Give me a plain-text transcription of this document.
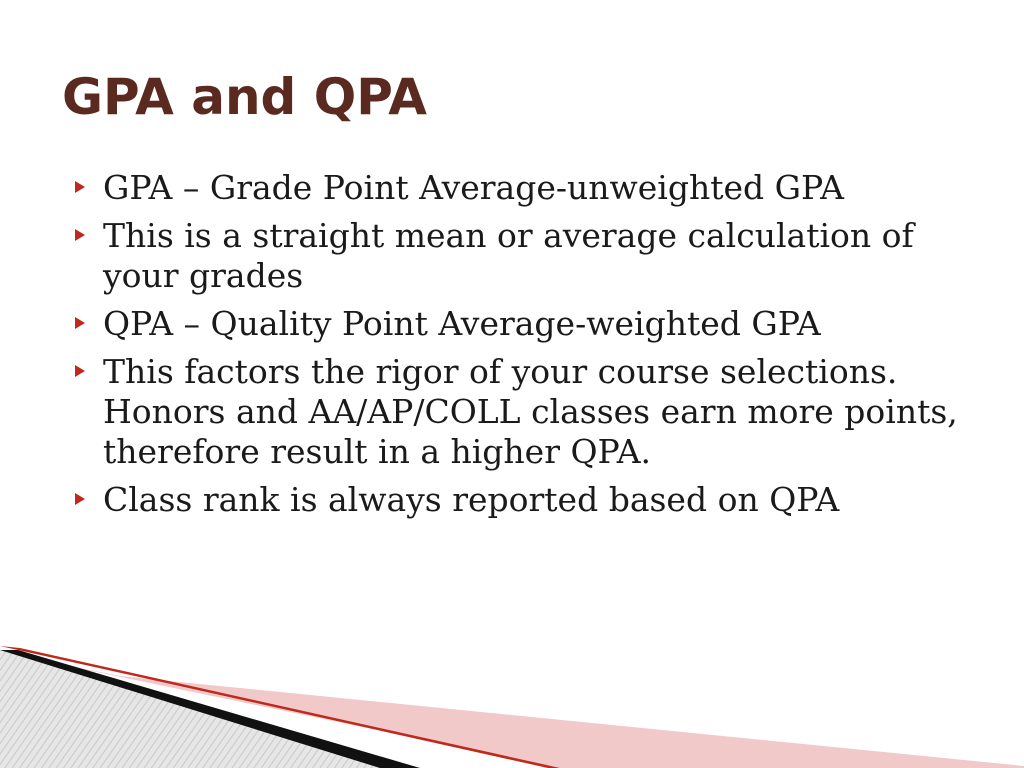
GPA and QPA
GPA – Grade Point Average-unweighted GPA
This is a straight mean or average calculation of your grades
QPA – Quality Point Average-weighted GPA
This factors the rigor of your course selections. Honors and AA/AP/COLL classes earn more points, therefore result in a higher QPA.
Class rank is always reported based on QPA
